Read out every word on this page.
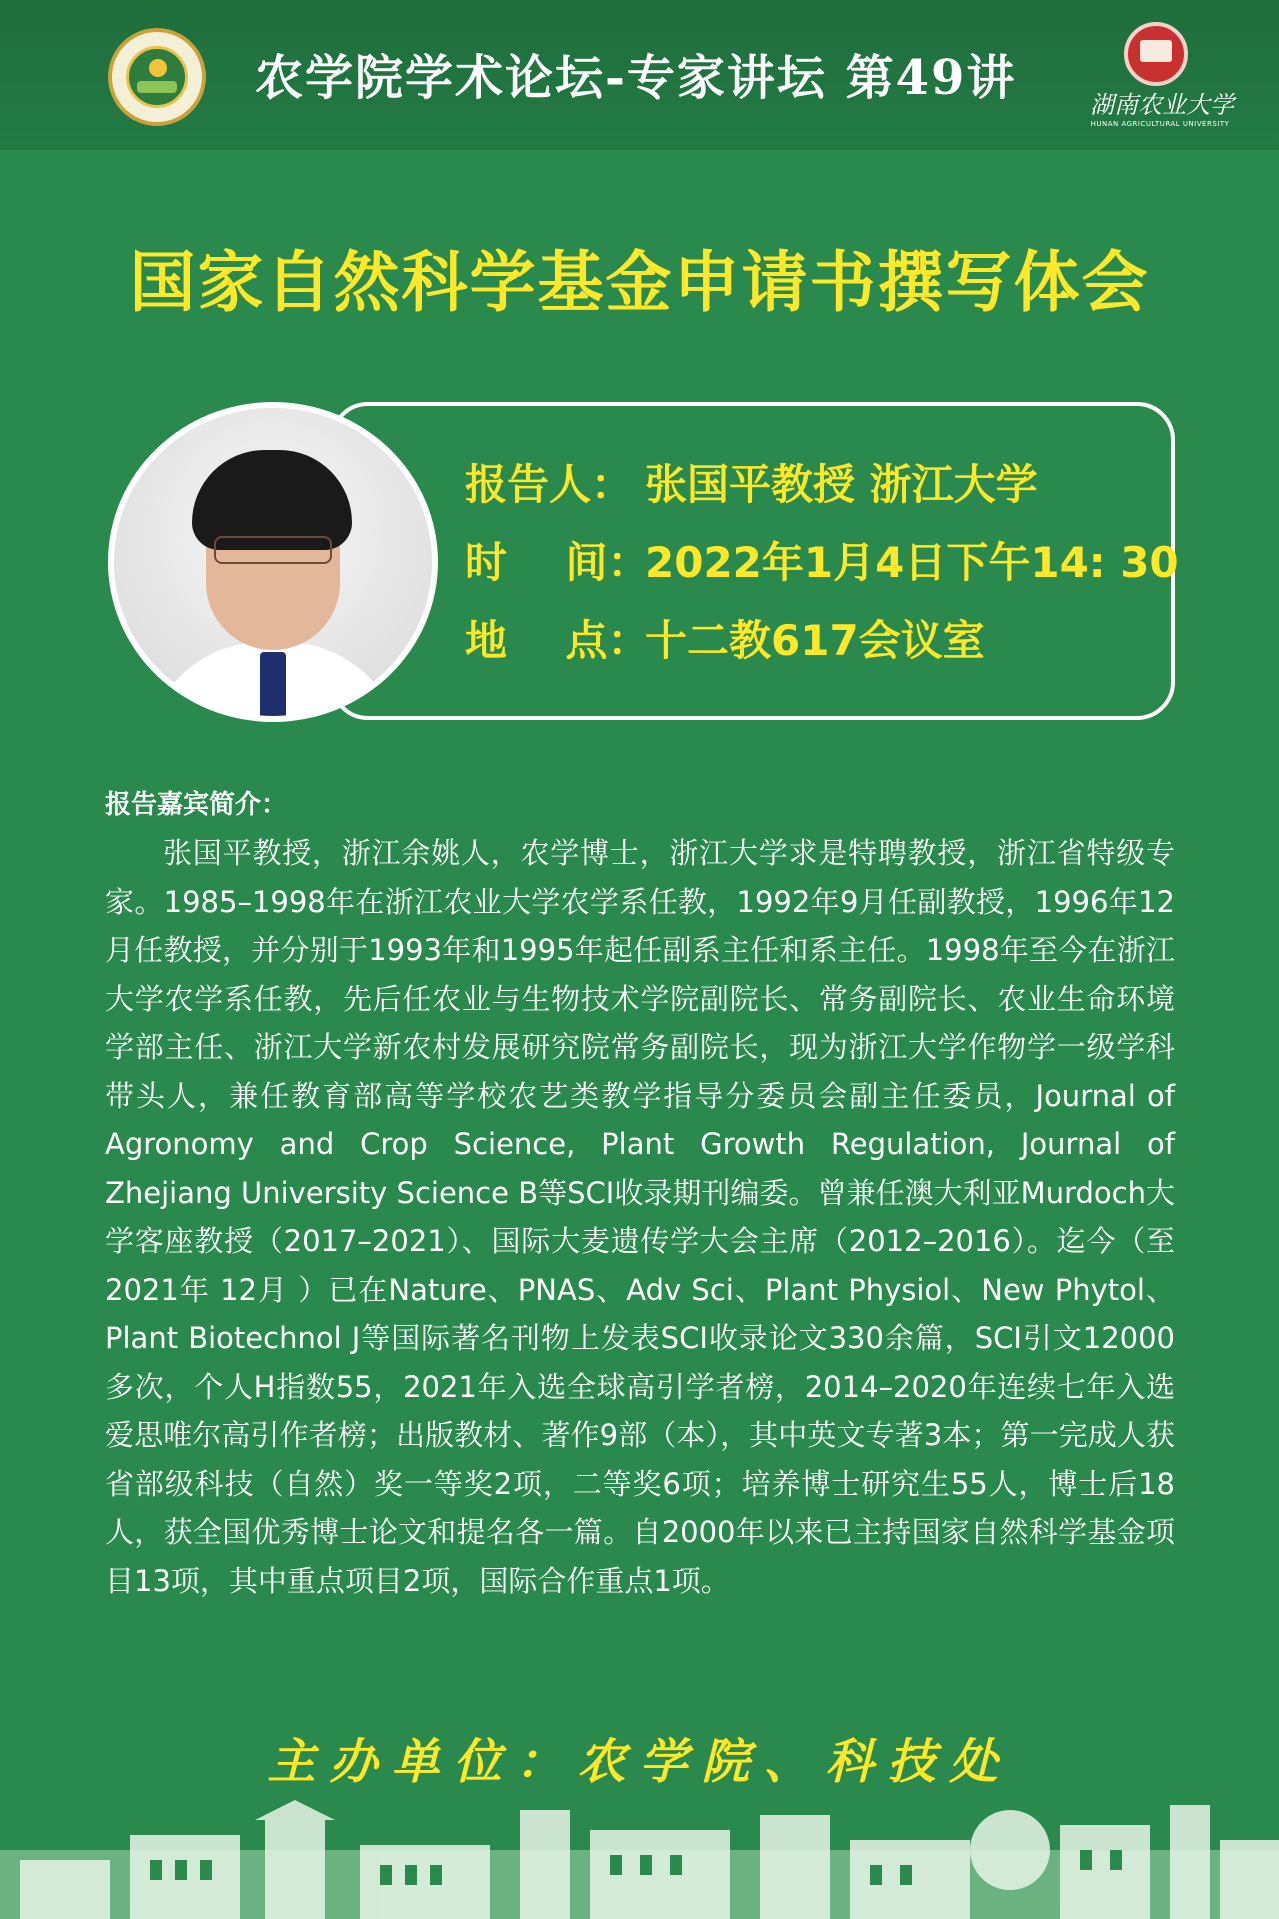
农学院学术论坛-专家讲坛 第49讲	湖南农业大学
HUNAN AGRICULTURAL UNIVERSITY
国家自然科学基金申请书撰写体会
报告人： 张国平教授 浙江大学
时    间：2022年1月4日下午14: 30
地    点：十二教617会议室
报告嘉宾简介：
张国平教授，浙江余姚人，农学博士，浙江大学求是特聘教授，浙江省特级专家。1985–1998年在浙江农业大学农学系任教，1992年9月任副教授，1996年12月任教授，并分别于1993年和1995年起任副系主任和系主任。1998年至今在浙江大学农学系任教，先后任农业与生物技术学院副院长、常务副院长、农业生命环境学部主任、浙江大学新农村发展研究院常务副院长，现为浙江大学作物学一级学科带头人，兼任教育部高等学校农艺类教学指导分委员会副主任委员，Journal of Agronomy and Crop Science, Plant Growth Regulation, Journal of Zhejiang University Science B等SCI收录期刊编委。曾兼任澳大利亚Murdoch大学客座教授（2017–2021）、国际大麦遗传学大会主席（2012–2016）。迄今（至2021年 12月 ）已在Nature、PNAS、Adv Sci、Plant Physiol、New Phytol、Plant Biotechnol J等国际著名刊物上发表SCI收录论文330余篇，SCI引文12000多次，个人H指数55，2021年入选全球高引学者榜，2014–2020年连续七年入选爱思唯尔高引作者榜；出版教材、著作9部（本），其中英文专著3本；第一完成人获省部级科技（自然）奖一等奖2项，二等奖6项；培养博士研究生55人，博士后18人，获全国优秀博士论文和提名各一篇。自2000年以来已主持国家自然科学基金项目13项，其中重点项目2项，国际合作重点1项。
主办单位：农学院、科技处
